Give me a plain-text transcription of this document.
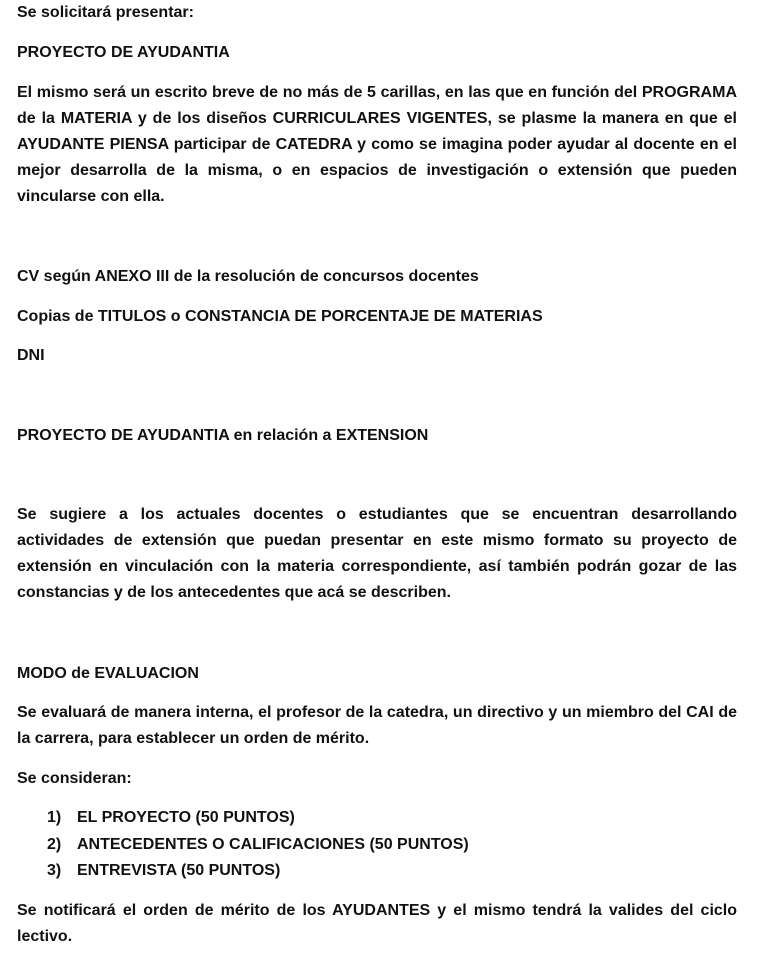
Se solicitará presentar:
PROYECTO DE AYUDANTIA
El mismo será un escrito breve de no más de 5 carillas, en las que en función del PROGRAMA de la MATERIA y de los diseños CURRICULARES VIGENTES, se plasme la manera en que el AYUDANTE PIENSA participar de CATEDRA y como se imagina poder ayudar al docente en el mejor desarrolla de la misma, o en espacios de investigación o extensión que pueden vincularse con ella.
CV según ANEXO III de la resolución de concursos docentes
Copias de TITULOS o CONSTANCIA DE PORCENTAJE DE MATERIAS
DNI
PROYECTO DE AYUDANTIA en relación a EXTENSION
Se sugiere a los actuales docentes o estudiantes que se encuentran desarrollando actividades de extensión que puedan presentar en este mismo formato su proyecto de extensión en vinculación con la materia correspondiente, así también podrán gozar de las constancias y de los antecedentes que acá se describen.
MODO de EVALUACION
Se evaluará de manera interna, el profesor de la catedra, un directivo y un miembro del CAI de la carrera, para establecer un orden de mérito.
Se consideran:
1) EL PROYECTO (50 PUNTOS)
2) ANTECEDENTES O CALIFICACIONES (50 PUNTOS)
3) ENTREVISTA (50 PUNTOS)
Se notificará el orden de mérito de los AYUDANTES y el mismo tendrá la valides del ciclo lectivo.
